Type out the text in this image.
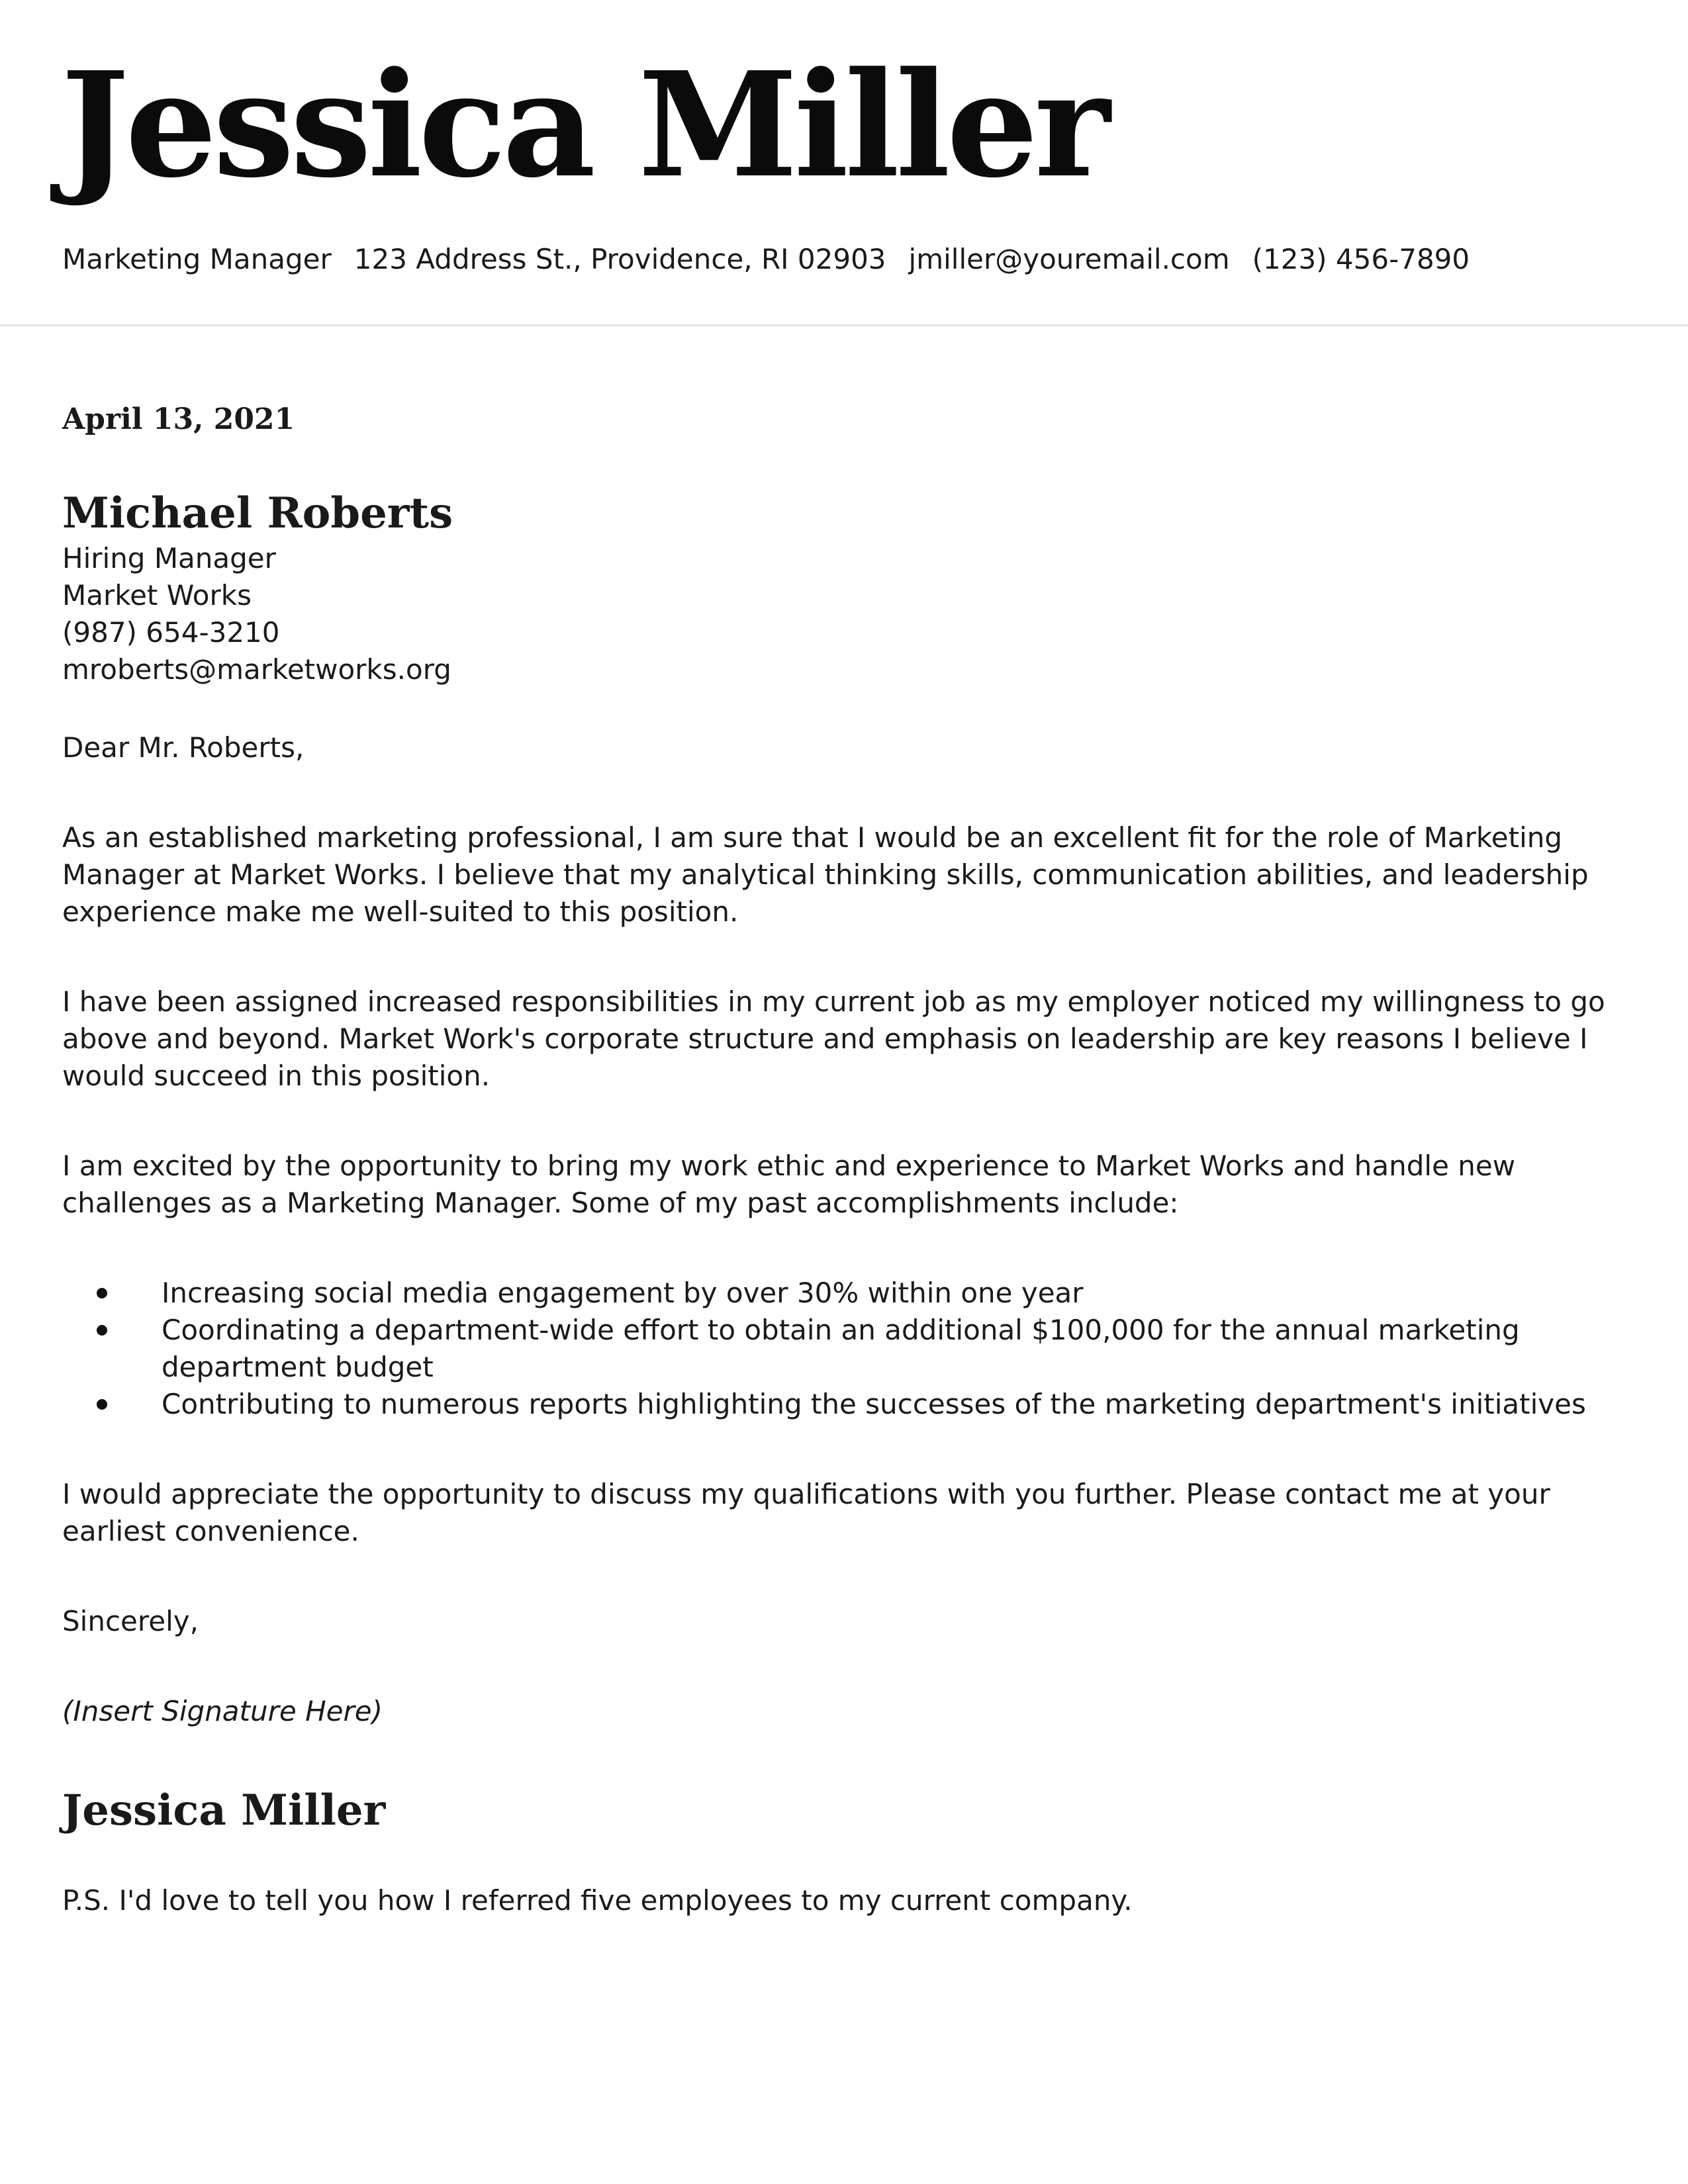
Jessica Miller
Marketing Manager 123 Address St., Providence, RI 02903 jmiller@youremail.com (123) 456-7890
April 13, 2021
Michael Roberts
Hiring Manager
Market Works
(987) 654-3210
mroberts@marketworks.org
Dear Mr. Roberts,

As an established marketing professional, I am sure that I would be an excellent fit for the role of Marketing Manager at Market Works. I believe that my analytical thinking skills, communication abilities, and leadership experience make me well-suited to this position.

I have been assigned increased responsibilities in my current job as my employer noticed my willingness to go above and beyond. Market Work's corporate structure and emphasis on leadership are key reasons I believe I would succeed in this position.

I am excited by the opportunity to bring my work ethic and experience to Market Works and handle new challenges as a Marketing Manager. Some of my past accomplishments include:

Increasing social media engagement by over 30% within one year
Coordinating a department-wide effort to obtain an additional $100,000 for the annual marketing department budget
Contributing to numerous reports highlighting the successes of the marketing department's initiatives
I would appreciate the opportunity to discuss my qualifications with you further. Please contact me at your earliest convenience.
Sincerely,
(Insert Signature Here)
Jessica Miller
P.S. I'd love to tell you how I referred five employees to my current company.
